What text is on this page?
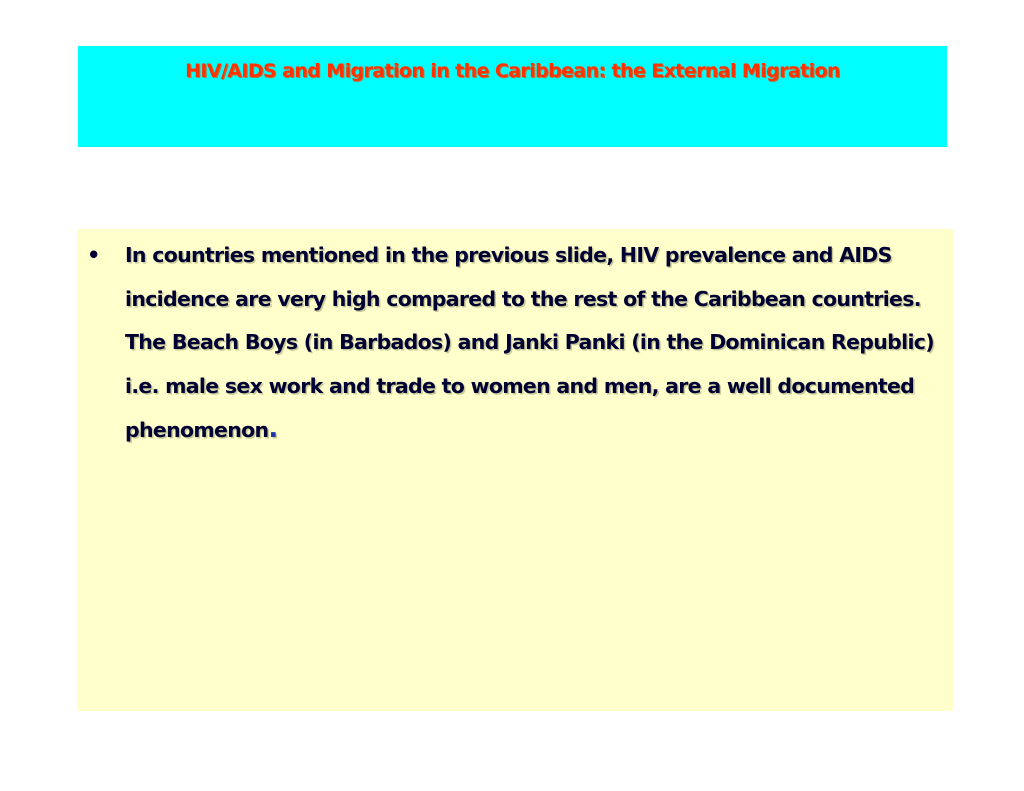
HIV/AIDS and Migration in the Caribbean: the External Migration
•	In countries mentioned in the previous slide, HIV prevalence and AIDS incidence are very high compared to the rest of the Caribbean countries. The Beach Boys (in Barbados) and Janki Panki (in the Dominican Republic) i.e. male sex work and trade to women and men, are a well documented phenomenon.
